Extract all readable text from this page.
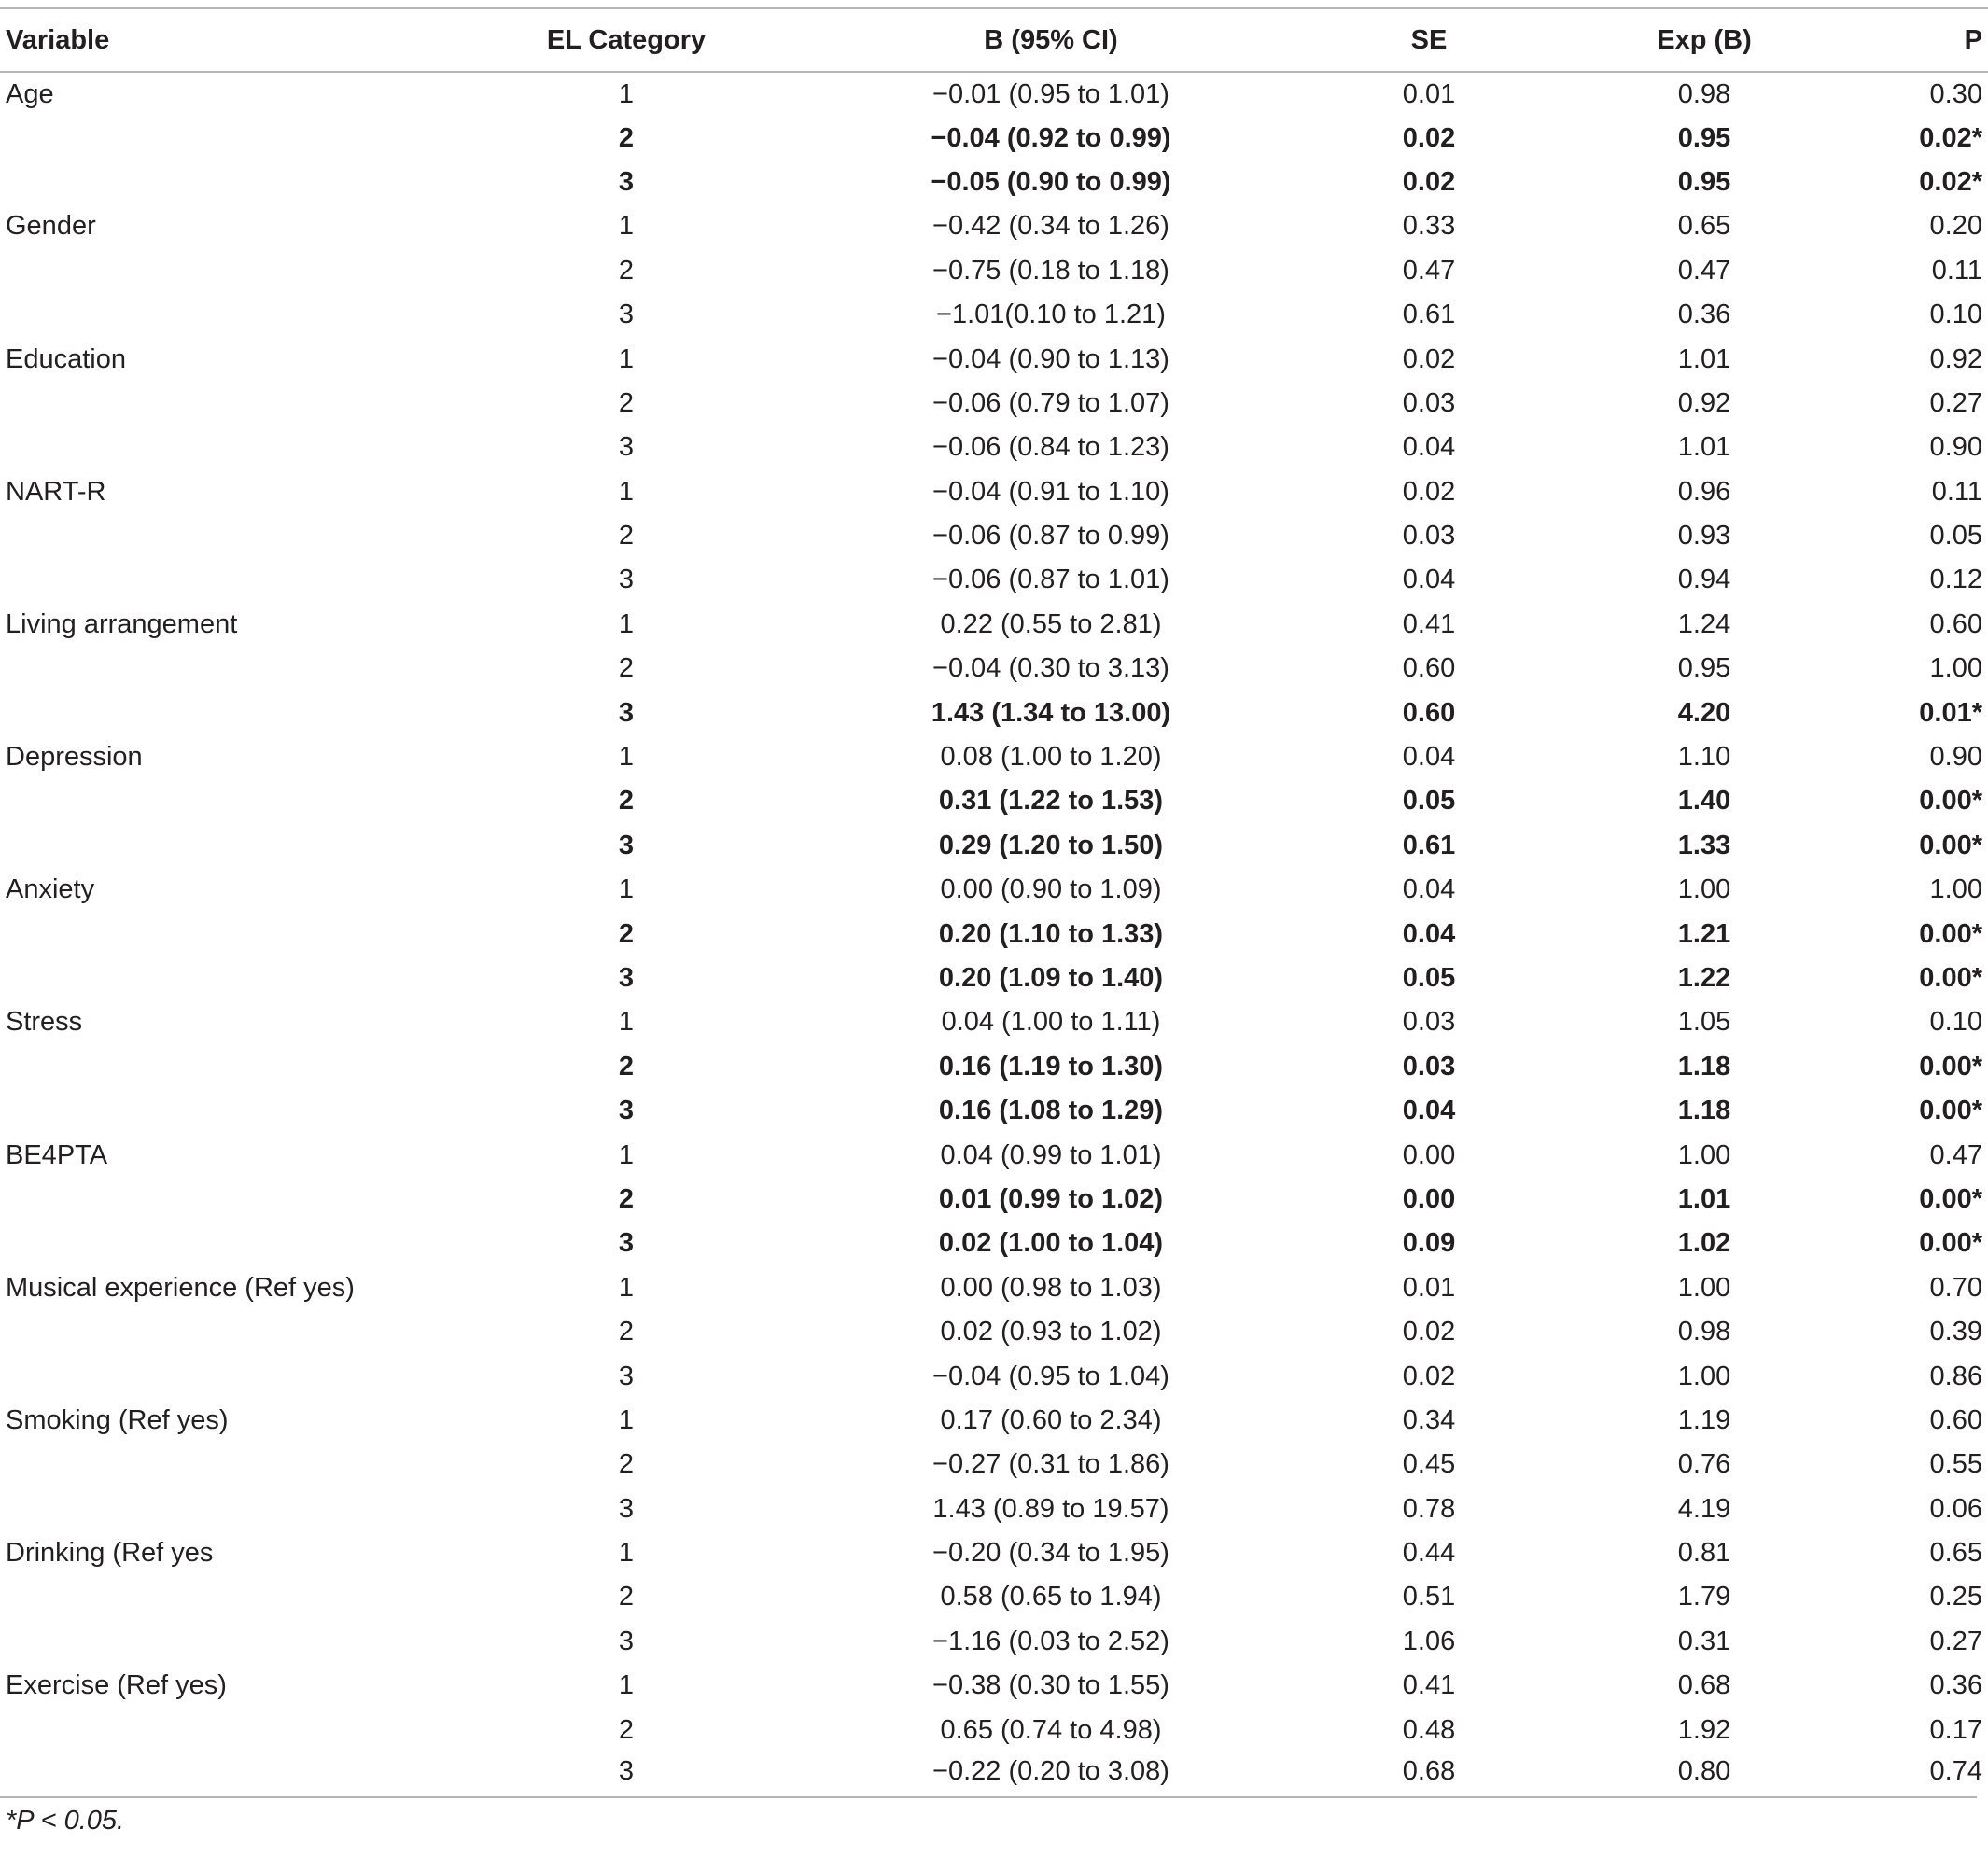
Variable	EL Category	B (95% CI)	SE	Exp (B)	P
Age	1	−0.01 (0.95 to 1.01)	0.01	0.98	0.30
	2	−0.04 (0.92 to 0.99)	0.02	0.95	0.02*
	3	−0.05 (0.90 to 0.99)	0.02	0.95	0.02*
Gender	1	−0.42 (0.34 to 1.26)	0.33	0.65	0.20
	2	−0.75 (0.18 to 1.18)	0.47	0.47	0.11
	3	−1.01(0.10 to 1.21)	0.61	0.36	0.10
Education	1	−0.04 (0.90 to 1.13)	0.02	1.01	0.92
	2	−0.06 (0.79 to 1.07)	0.03	0.92	0.27
	3	−0.06 (0.84 to 1.23)	0.04	1.01	0.90
NART-R	1	−0.04 (0.91 to 1.10)	0.02	0.96	0.11
	2	−0.06 (0.87 to 0.99)	0.03	0.93	0.05
	3	−0.06 (0.87 to 1.01)	0.04	0.94	0.12
Living arrangement	1	0.22 (0.55 to 2.81)	0.41	1.24	0.60
	2	−0.04 (0.30 to 3.13)	0.60	0.95	1.00
	3	1.43 (1.34 to 13.00)	0.60	4.20	0.01*
Depression	1	0.08 (1.00 to 1.20)	0.04	1.10	0.90
	2	0.31 (1.22 to 1.53)	0.05	1.40	0.00*
	3	0.29 (1.20 to 1.50)	0.61	1.33	0.00*
Anxiety	1	0.00 (0.90 to 1.09)	0.04	1.00	1.00
	2	0.20 (1.10 to 1.33)	0.04	1.21	0.00*
	3	0.20 (1.09 to 1.40)	0.05	1.22	0.00*
Stress	1	0.04 (1.00 to 1.11)	0.03	1.05	0.10
	2	0.16 (1.19 to 1.30)	0.03	1.18	0.00*
	3	0.16 (1.08 to 1.29)	0.04	1.18	0.00*
BE4PTA	1	0.04 (0.99 to 1.01)	0.00	1.00	0.47
	2	0.01 (0.99 to 1.02)	0.00	1.01	0.00*
	3	0.02 (1.00 to 1.04)	0.09	1.02	0.00*
Musical experience (Ref yes)	1	0.00 (0.98 to 1.03)	0.01	1.00	0.70
	2	0.02 (0.93 to 1.02)	0.02	0.98	0.39
	3	−0.04 (0.95 to 1.04)	0.02	1.00	0.86
Smoking (Ref yes)	1	0.17 (0.60 to 2.34)	0.34	1.19	0.60
	2	−0.27 (0.31 to 1.86)	0.45	0.76	0.55
	3	1.43 (0.89 to 19.57)	0.78	4.19	0.06
Drinking (Ref yes	1	−0.20 (0.34 to 1.95)	0.44	0.81	0.65
	2	0.58 (0.65 to 1.94)	0.51	1.79	0.25
	3	−1.16 (0.03 to 2.52)	1.06	0.31	0.27
Exercise (Ref yes)	1	−0.38 (0.30 to 1.55)	0.41	0.68	0.36
	2	0.65 (0.74 to 4.98)	0.48	1.92	0.17
	3	−0.22 (0.20 to 3.08)	0.68	0.80	0.74
*P < 0.05.
